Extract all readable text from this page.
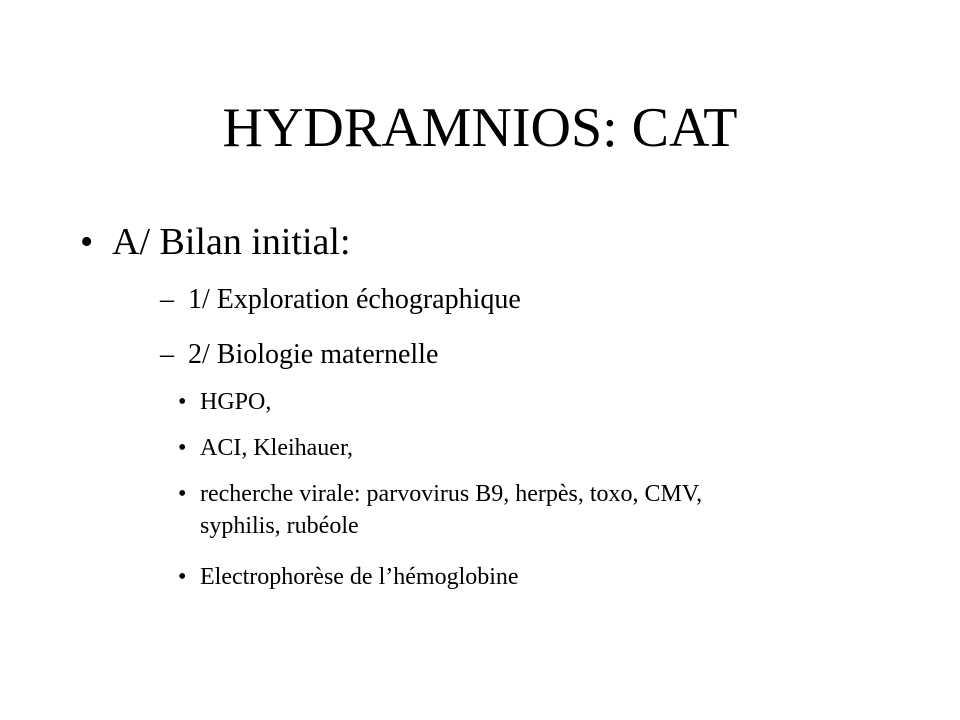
HYDRAMNIOS: CAT
• A/ Bilan initial:
– 1/ Exploration échographique
– 2/ Biologie maternelle
• HGPO,
• ACI, Kleihauer,
• recherche virale: parvovirus B9, herpès, toxo, CMV,
syphilis, rubéole
• Electrophorèse de l’hémoglobine
